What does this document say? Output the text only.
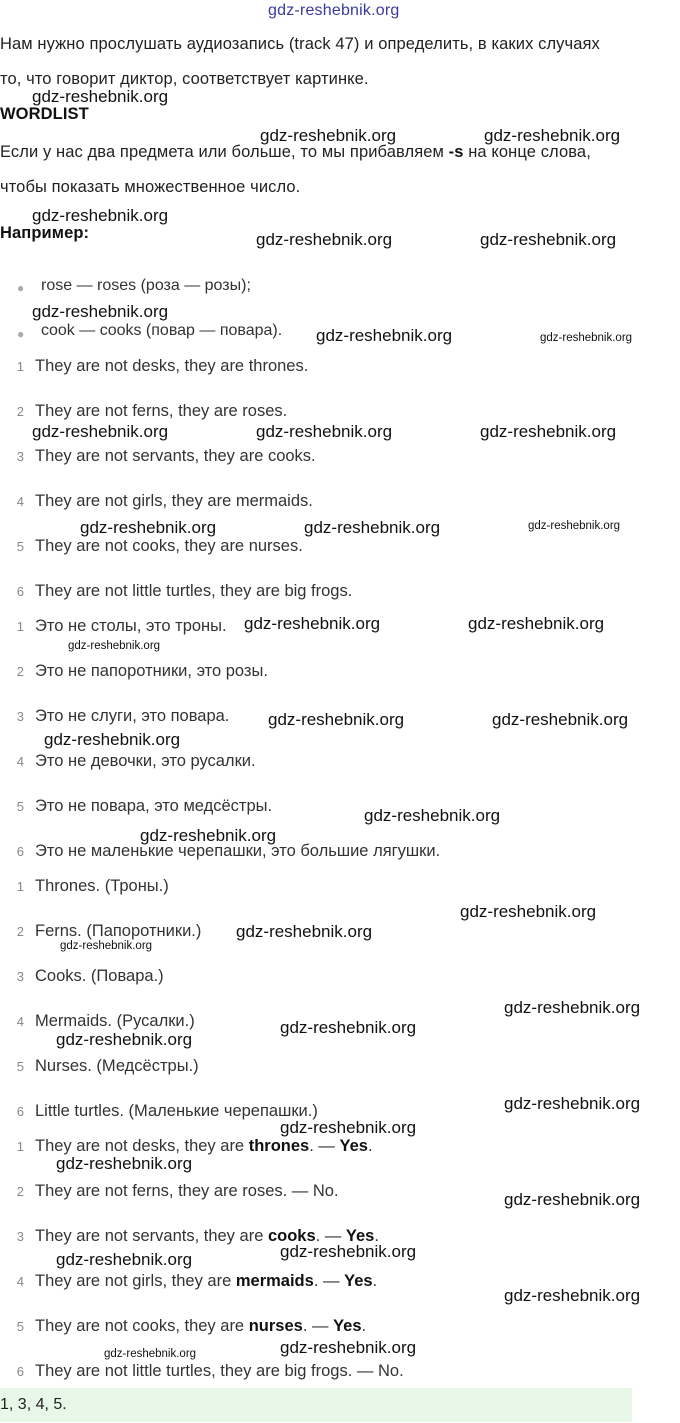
gdz-reshebnik.org
Нам нужно прослушать аудиозапись (track 47) и определить, в каких случаях
то, что говорит диктор, соответствует картинке.
WORDLIST
Если у нас два предмета или больше, то мы прибавляем -s на конце слова,
чтобы показать множественное число.
Например:
● rose — roses (роза — розы);
● cook — cooks (повар — повара).
1 They are not desks, they are thrones.
2 They are not ferns, they are roses.
3 They are not servants, they are cooks.
4 They are not girls, they are mermaids.
5 They are not cooks, they are nurses.
6 They are not little turtles, they are big frogs.
1 Это не столы, это троны.
2 Это не папоротники, это розы.
3 Это не слуги, это повара.
4 Это не девочки, это русалки.
5 Это не повара, это медсёстры.
6 Это не маленькие черепашки, это большие лягушки.
1 Thrones. (Троны.)
2 Ferns. (Папоротники.)
3 Cooks. (Повара.)
4 Mermaids. (Русалки.)
5 Nurses. (Медсёстры.)
6 Little turtles. (Маленькие черепашки.)
1 They are not desks, they are thrones. — Yes.
2 They are not ferns, they are roses. — No.
3 They are not servants, they are cooks. — Yes.
4 They are not girls, they are mermaids. — Yes.
5 They are not cooks, they are nurses. — Yes.
6 They are not little turtles, they are big frogs. — No.
1, 3, 4, 5.
gdz-reshebnik.org
gdz-reshebnik.org	gdz-reshebnik.org
gdz-reshebnik.org
gdz-reshebnik.org	gdz-reshebnik.org
gdz-reshebnik.org
gdz-reshebnik.org	gdz-reshebnik.org
gdz-reshebnik.org	gdz-reshebnik.org	gdz-reshebnik.org
gdz-reshebnik.org	gdz-reshebnik.org	gdz-reshebnik.org
gdz-reshebnik.org	gdz-reshebnik.org
gdz-reshebnik.org
gdz-reshebnik.org	gdz-reshebnik.org
gdz-reshebnik.org
gdz-reshebnik.org
gdz-reshebnik.org
gdz-reshebnik.org
gdz-reshebnik.org
gdz-reshebnik.org
gdz-reshebnik.org
gdz-reshebnik.org
gdz-reshebnik.org
gdz-reshebnik.org
gdz-reshebnik.org
gdz-reshebnik.org
gdz-reshebnik.org
gdz-reshebnik.org
gdz-reshebnik.org
gdz-reshebnik.org
gdz-reshebnik.org
gdz-reshebnik.org
